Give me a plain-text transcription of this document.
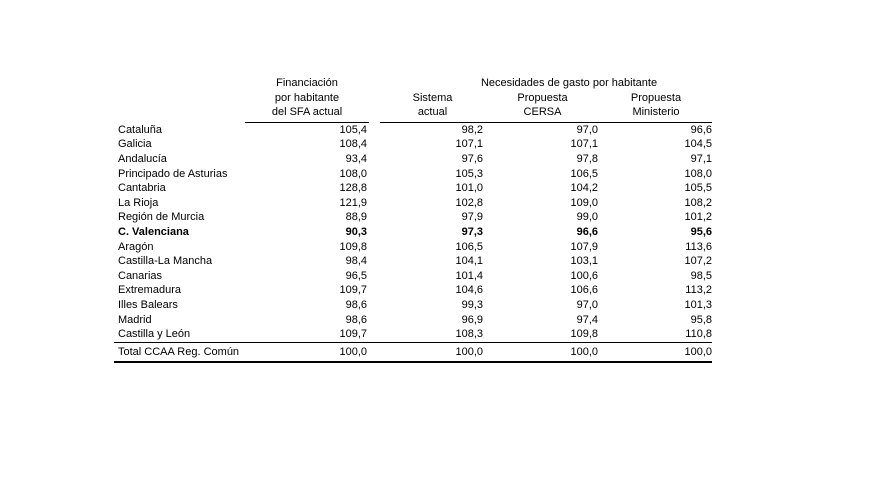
	Financiación		Necesidades de gasto por habitante		
	por habitante		Sistema	Propuesta	Propuesta
	del SFA actual		actual	CERSA	Ministerio
Cataluña	105,4		98,2	97,0	96,6
Galicia	108,4		107,1	107,1	104,5
Andalucía	93,4		97,6	97,8	97,1
Principado de Asturias	108,0		105,3	106,5	108,0
Cantabria	128,8		101,0	104,2	105,5
La Rioja	121,9		102,8	109,0	108,2
Región de Murcia	88,9		97,9	99,0	101,2
C. Valenciana	90,3		97,3	96,6	95,6
Aragón	109,8		106,5	107,9	113,6
Castilla-La Mancha	98,4		104,1	103,1	107,2
Canarias	96,5		101,4	100,6	98,5
Extremadura	109,7		104,6	106,6	113,2
Illes Balears	98,6		99,3	97,0	101,3
Madrid	98,6		96,9	97,4	95,8
Castilla y León	109,7		108,3	109,8	110,8
Total CCAA Reg. Común	100,0		100,0	100,0	100,0
